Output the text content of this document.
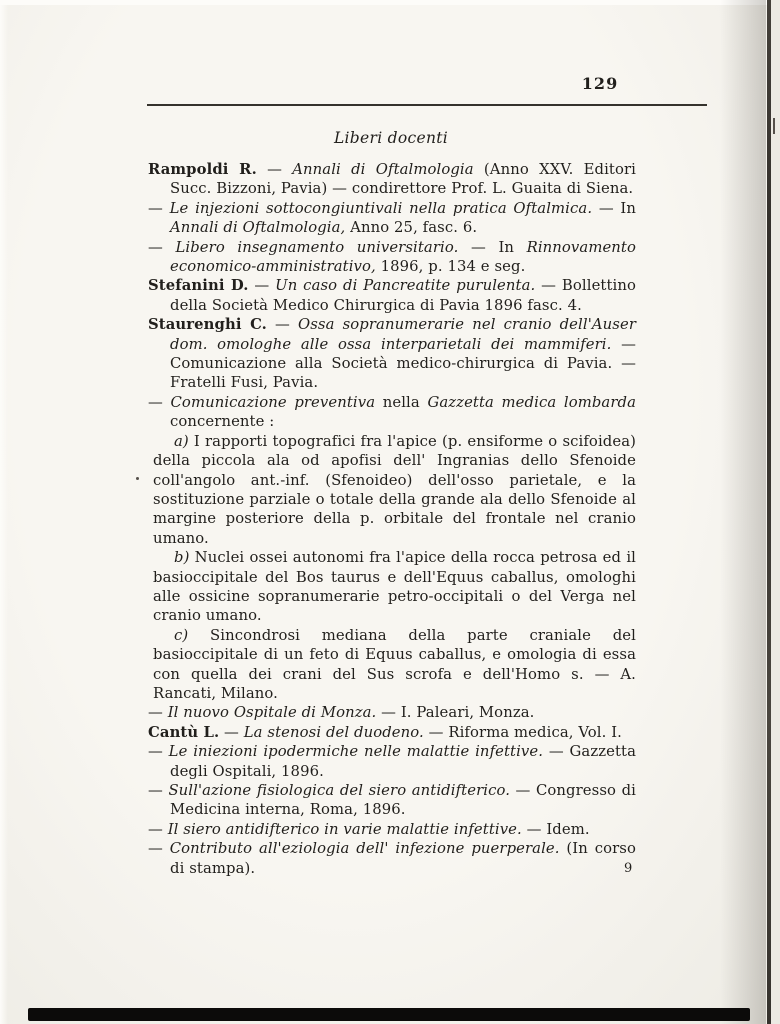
129
Liberi docenti

Rampoldi R. — Annali di Oftalmologia (Anno XXV. Editori Succ. Bizzoni, Pavia) — condirettore Prof. L. Guaita di Siena.

— Le injezioni sottocongiuntivali nella pratica Oftalmica. — In Annali di Oftalmologia, Anno 25, fasc. 6.

— Libero insegnamento universitario. — In Rinnovamento economico-amministrativo, 1896, p. 134 e seg.

Stefanini D. — Un caso di Pancreatite purulenta. — Bollettino della Società Medico Chirurgica di Pavia 1896 fasc. 4.

Staurenghi C. — Ossa sopranumerarie nel cranio dell'Auser dom. omologhe alle ossa interparietali dei mammiferi. — Comunicazione alla Società medico-chirurgica di Pavia. — Fratelli Fusi, Pavia.

— Comunicazione preventiva nella Gazzetta medica lombarda concernente :

a) I rapporti topografici fra l'apice (p. ensiforme o scifoidea) della piccola ala od apofisi dell' Ingranias dello Sfenoide coll'angolo ant.-inf. (Sfenoideo) dell'osso parietale, e la sostituzione parziale o totale della grande ala dello Sfenoide al margine posteriore della p. orbitale del frontale nel cranio umano.

b) Nuclei ossei autonomi fra l'apice della rocca petrosa ed il basioccipitale del Bos taurus e dell'Equus caballus, omologhi alle ossicine sopranumerarie petro-occipitali o del Verga nel cranio umano.

c) Sincondrosi mediana della parte craniale del basioccipitale di un feto di Equus caballus, e omologia di essa con quella dei crani del Sus scrofa e dell'Homo s. — A. Rancati, Milano.

— Il nuovo Ospitale di Monza. — I. Paleari, Monza.

Cantù L. — La stenosi del duodeno. — Riforma medica, Vol. I.

— Le iniezioni ipodermiche nelle malattie infettive. — Gazzetta degli Ospitali, 1896.

— Sull'azione fisiologica del siero antidifterico. — Congresso di Medicina interna, Roma, 1896.

— Il siero antidifterico in varie malattie infettive. — Idem.

— Contributo all'eziologia dell' infezione puerperale. (In corso di stampa).	9
